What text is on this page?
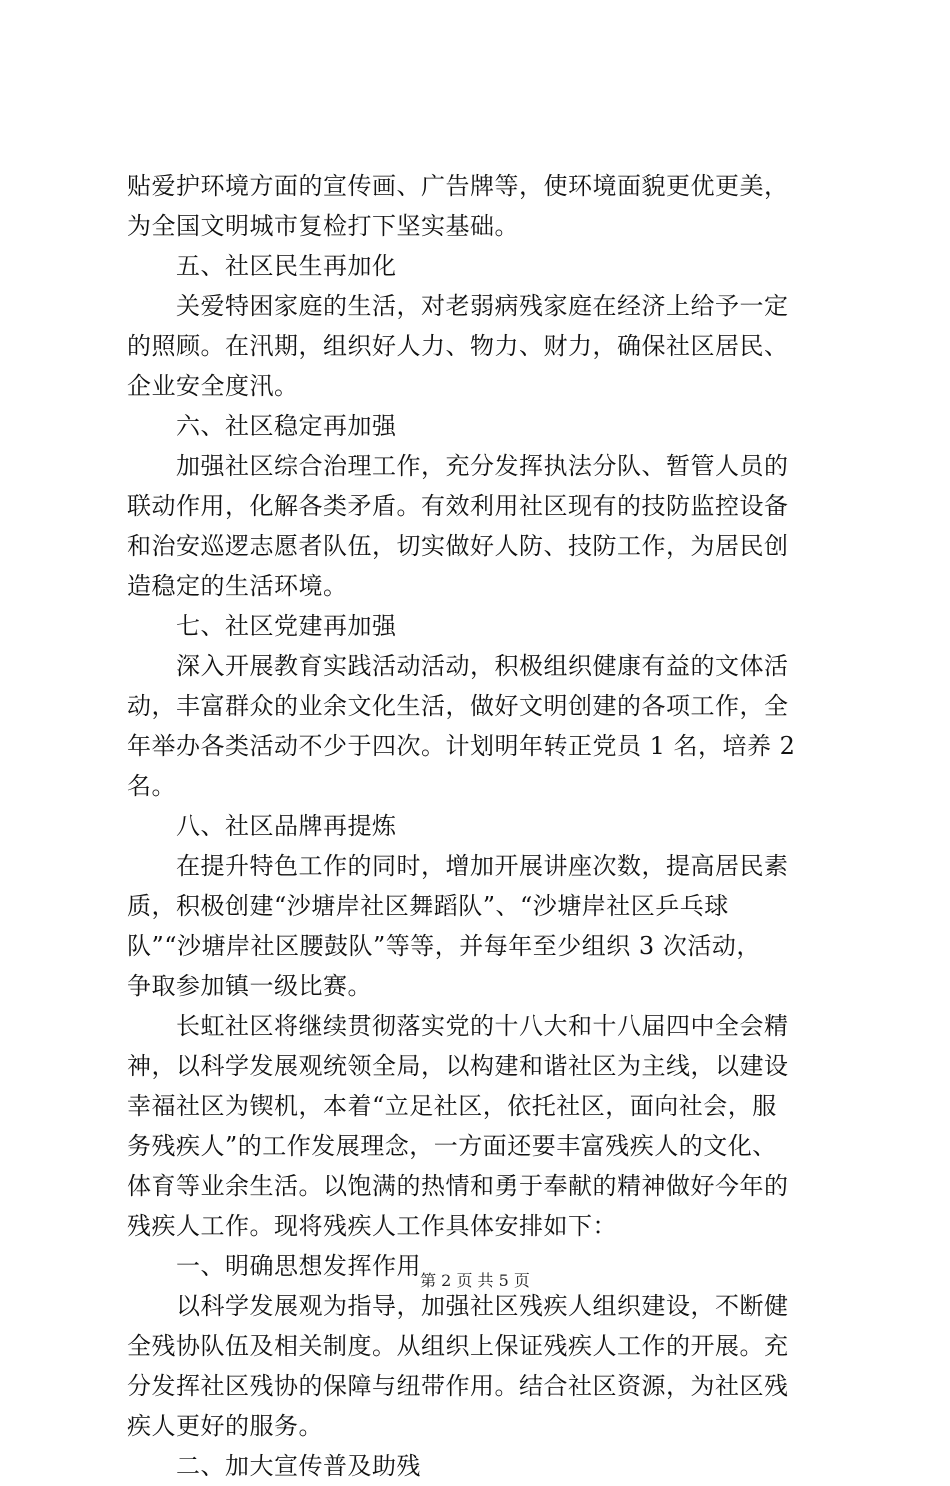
贴爱护环境方面的宣传画、广告牌等，使环境面貌更优更美，
为全国文明城市复检打下坚实基础。
五、社区民生再加化
关爱特困家庭的生活，对老弱病残家庭在经济上给予一定
的照顾。在汛期，组织好人力、物力、财力，确保社区居民、
企业安全度汛。
六、社区稳定再加强
加强社区综合治理工作，充分发挥执法分队、暂管人员的
联动作用，化解各类矛盾。有效利用社区现有的技防监控设备
和治安巡逻志愿者队伍，切实做好人防、技防工作，为居民创
造稳定的生活环境。
七、社区党建再加强
深入开展教育实践活动活动，积极组织健康有益的文体活
动，丰富群众的业余文化生活，做好文明创建的各项工作，全
年举办各类活动不少于四次。计划明年转正党员 1 名，培养 2
名。
八、社区品牌再提炼
在提升特色工作的同时，增加开展讲座次数，提高居民素
质，积极创建“沙塘岸社区舞蹈队”、“沙塘岸社区乒乓球
队”“沙塘岸社区腰鼓队”等等，并每年至少组织 3 次活动，
争取参加镇一级比赛。
长虹社区将继续贯彻落实党的十八大和十八届四中全会精
神，以科学发展观统领全局，以构建和谐社区为主线，以建设
幸福社区为锲机，本着“立足社区，依托社区，面向社会，服
务残疾人”的工作发展理念，一方面还要丰富残疾人的文化、
体育等业余生活。以饱满的热情和勇于奉献的精神做好今年的
残疾人工作。现将残疾人工作具体安排如下：
一、明确思想发挥作用
以科学发展观为指导，加强社区残疾人组织建设，不断健
全残协队伍及相关制度。从组织上保证残疾人工作的开展。充
分发挥社区残协的保障与纽带作用。结合社区资源，为社区残
疾人更好的服务。
二、加大宣传普及助残
第 2 页 共 5 页
